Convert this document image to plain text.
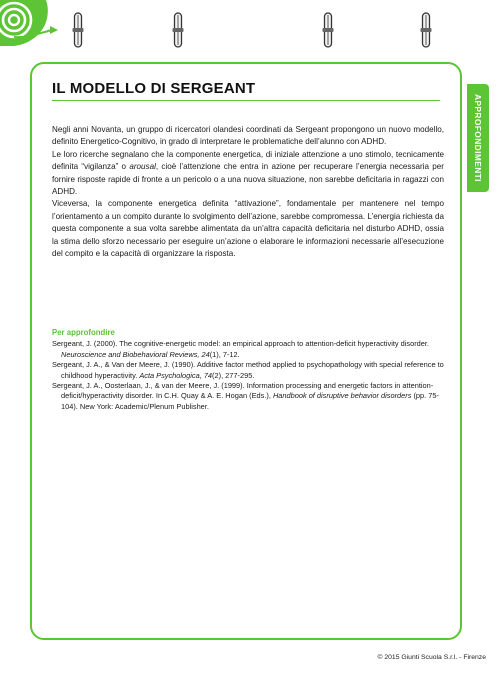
IL MODELLO DI SERGEANT
APPROFONDIMENTI

Negli anni Novanta, un gruppo di ricercatori olandesi coordinati da Sergeant propongono un nuovo modello, definito Energetico-Cognitivo, in grado di interpretare le problematiche dell’alunno con ADHD.

Le loro ricerche segnalano che la componente energetica, di iniziale attenzione a uno stimolo, tecnicamente definita “vigilanza” o arousal, cioè l’attenzione che entra in azione per recuperare l’energia necessaria per fornire risposte rapide di fronte a un pericolo o a una nuova situazione, non sarebbe deficitaria in ragazzi con ADHD.

Viceversa, la componente energetica definita “attivazione”, fondamentale per mantenere nel tempo l’orientamento a un compito durante lo svolgimento dell’azione, sarebbe compromessa. L’energia richiesta da questa componente a sua volta sarebbe alimentata da un’altra capacità deficitaria nel disturbo ADHD, ossia la stima dello sforzo necessario per eseguire un’azione o elaborare le informazioni necessarie all’esecuzione del compito e la capacità di organizzare la risposta.

Per approfondire

Sergeant, J. (2000). The cognitive-energetic model: an empirical approach to attention-deficit hyperactivity disorder. Neuroscience and Biobehavioral Reviews, 24(1), 7-12.

Sergeant, J. A., & Van der Meere, J. (1990). Additive factor method applied to psychopathology with special reference to childhood hyperactivity. Acta Psychologica, 74(2), 277-295.

Sergeant, J. A., Oosterlaan, J., & van der Meere, J. (1999). Information processing and energetic factors in attention-deficit/hyperactivity disorder. In C.H. Quay & A. E. Hogan (Eds.), Handbook of disruptive behavior disorders (pp. 75-104). New York: Academic/Plenum Publisher.

© 2015 Giunti Scuola S.r.l. - Firenze
